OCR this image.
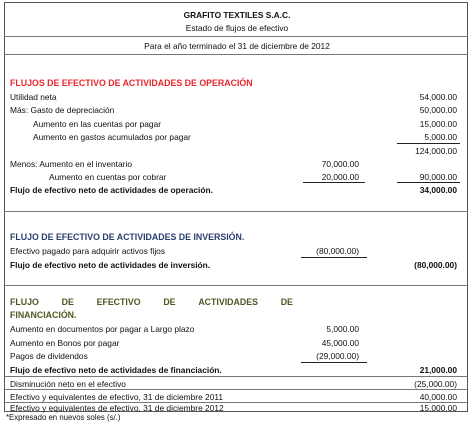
GRAFITO TEXTILES S.A.C.
Estado de flujos de efectivo
Para el año terminado el 31 de diciembre de 2012
FLUJOS DE EFECTIVO DE ACTIVIDADES DE OPERACIÓN
Utilidad neta	54,000.00
Más: Gasto de depreciación	50,000.00
Aumento en las cuentas por pagar	15,000.00
Aumento en gastos acumulados por pagar	5,000.00
124,000.00
Menos: Aumento en el inventario	70,000.00
Aumento en cuentas por cobrar	20,000.00	90,000.00
Flujo de efectivo neto de actividades de operación.	34,000.00
FLUJO DE EFECTIVO DE ACTIVIDADES DE INVERSIÓN.
Efectivo pagado para adquirir activos fijos	(80,000.00)
Flujo de efectivo neto de actividades de inversión.	(80,000.00)
FLUJO	DE	EFECTIVO	DE	ACTIVIDADES	DE
FINANCIACIÓN.
Aumento en documentos por pagar a Largo plazo	5,000.00
Aumento en Bonos por pagar	45,000.00
Pagos de dividendos	(29,000.00)
Flujo de efectivo neto de actividades de financiación.	21,000.00
Disminución neto en el efectivo	(25,000.00)
Efectivo y equivalentes de efectivo, 31 de diciembre 2011	40,000.00
Efectivo y equivalentes de efectivo, 31 de diciembre 2012	15,000.00
*Expresado en nuevos soles (s/.)
